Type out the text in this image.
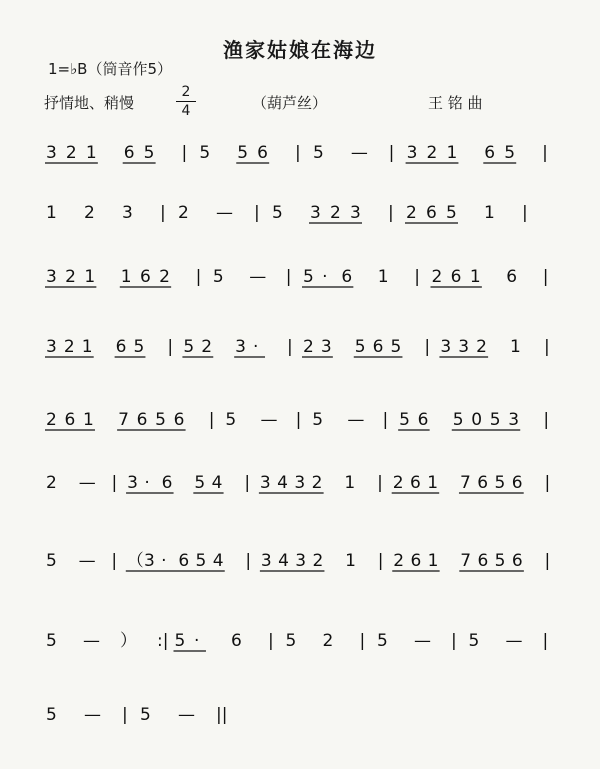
渔家姑娘在海边
1=♭B（筒音作5）
抒情地、稍慢
2
4	（葫芦丝）	王 铭 曲
3 2 1 6 5 | 5 5 6 | 5 — | 3 2 1 6 5 |
1 2 3 | 2 — | 5 3 2 3 | 2 6 5 1 |
3 2 1 1 6 2 | 5 — | 5 · 6 1 | 2 6 1 6 |
3 2 1 6 5 | 5 2 3 · | 2 3 5 6 5 | 3 3 2 1 |
2 6 1 7 6 5 6 | 5 — | 5 — | 5 6 5 0 5 3 |
2 — | 3 · 6 5 4 | 3 4 3 2 1 | 2 6 1 7 6 5 6 |
5 — | （ 3 · 6 5 4 | 3 4 3 2 1 | 2 6 1 7 6 5 6 |
5 — ） :| 5 · 6 | 5 2 | 5 — | 5 — |
5 — | 5 — ||
